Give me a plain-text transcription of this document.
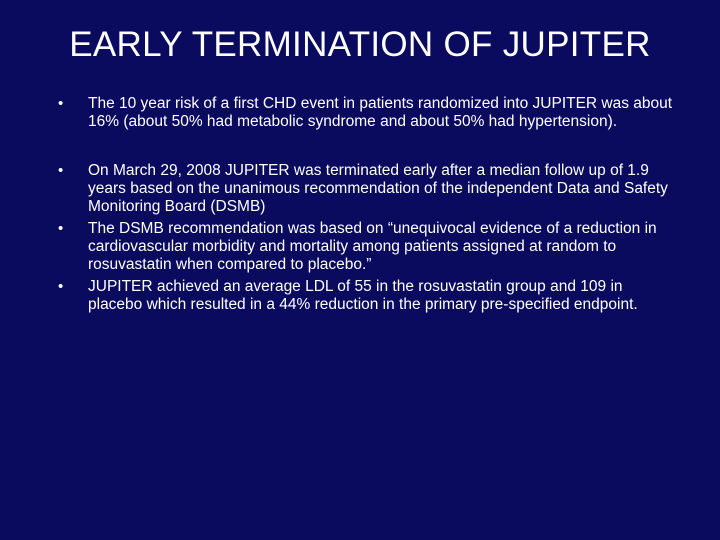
EARLY TERMINATION OF JUPITER
• The 10 year risk of a first CHD event in patients randomized into JUPITER was about 16% (about 50% had metabolic syndrome and about 50% had hypertension).
• On March 29, 2008 JUPITER was terminated early after a median follow up of 1.9 years based on the unanimous recommendation of the independent Data and Safety Monitoring Board (DSMB)
• The DSMB recommendation was based on “unequivocal evidence of a reduction in cardiovascular morbidity and mortality among patients assigned at random to rosuvastatin when compared to placebo.”
• JUPITER achieved an average LDL of 55 in the rosuvastatin group and 109 in placebo which resulted in a 44% reduction in the primary pre-specified endpoint.
